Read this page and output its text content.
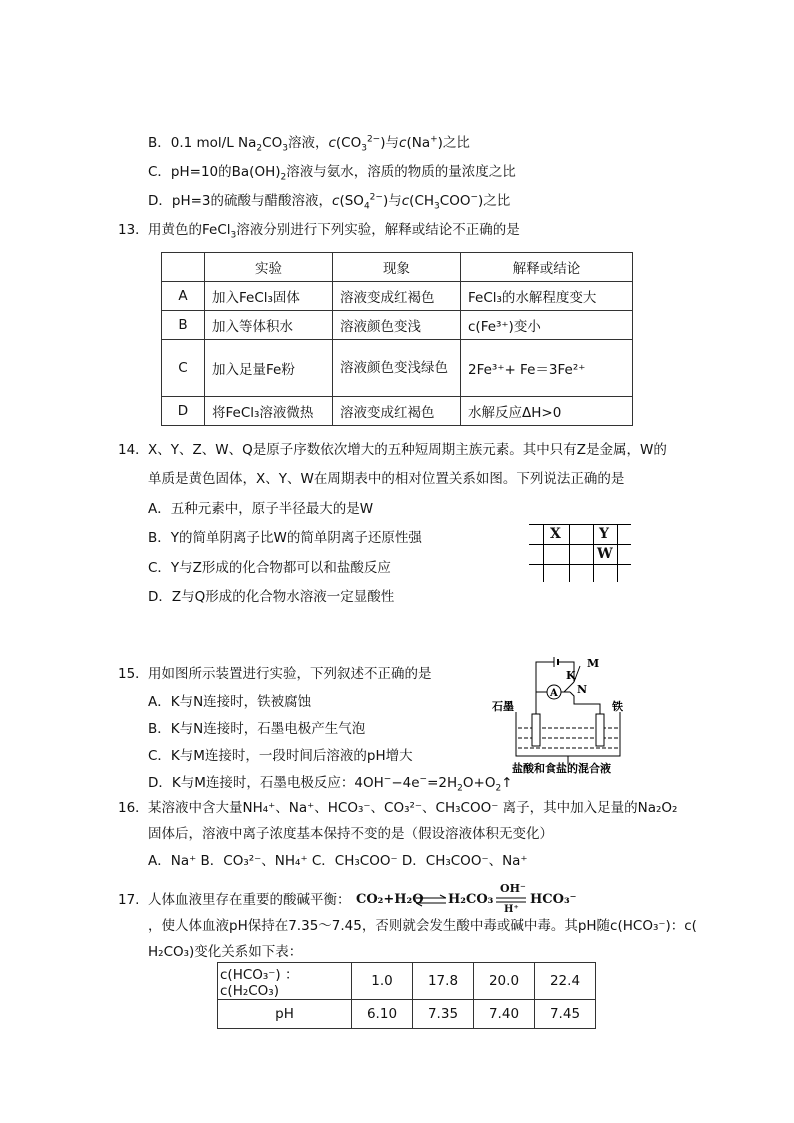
B．0.1 mol/L $Na_2CO_3$溶液，$c(CO_3^{2-})$与c(Na+)之比
C．pH=10的$Ba(OH)_2$溶液与氨水，溶质的物质的量浓度之比
D．pH=3的硫酸与醋酸溶液，$c(SO_4^{2-})$与$c(CH_3COO^-)$之比
13． 用黄色的FeCl$_3$溶液分别进行下列实验，解释或结论不正确的是
	实验	现象	解释或结论
A	加入FeCl₃固体	溶液变成红褐色	FeCl₃的水解程度变大
B	加入等体积水	溶液颜色变浅	c(Fe³⁺)变小
C	加入足量Fe粉	溶液颜色变浅绿色	2Fe³⁺+ Fe＝3Fe²⁺
D	将FeCl₃溶液微热	溶液变成红褐色	水解反应ΔH>0
14． X、Y、Z、W、Q是原子序数依次增大的五种短周期主族元素。其中只有Z是金属，W的
单质是黄色固体，X、Y、W在周期表中的相对位置关系如图。下列说法正确的是
A．五种元素中，原子半径最大的是W
B．Y的简单阴离子比W的简单阴离子还原性强
C．Y与Z形成的化合物都可以和盐酸反应
D．Z与Q形成的化合物水溶液一定显酸性
X	Y
W
15． 用如图所示装置进行实验，下列叙述不正确的是
A．K与N连接时，铁被腐蚀
B．K与N连接时，石墨电极产生气泡
C．K与M连接时，一段时间后溶液的pH增大
D．K与M连接时，石墨电极反应：$4OH^--4e^-=2H_2O+O_2↑$
M
K
N
A
石墨	铁
盐酸和食盐的混合液
16． 某溶液中含大量NH₄⁺、Na⁺、HCO₃⁻、CO₃²⁻、CH₃COO⁻ 离子，其中加入足量的Na₂O₂
固体后，溶液中离子浓度基本保持不变的是（假设溶液体积无变化）
A．Na⁺ B．CO₃²⁻、NH₄⁺ C．CH₃COO⁻ D．CH₃COO⁻、Na⁺
17. 人体血液里存在重要的酸碱平衡： CO₂+H₂O ⇌ H₂CO₃
OH⁻
H⁺
HCO₃⁻
，使人体血液pH保持在7.35～7.45，否则就会发生酸中毒或碱中毒。其pH随c(HCO₃⁻)：c(
H₂CO₃)变化关系如下表：
c(HCO₃⁻) ：c(H₂CO₃)	1.0	17.8	20.0	22.4
pH	6.10	7.35	7.40	7.45
